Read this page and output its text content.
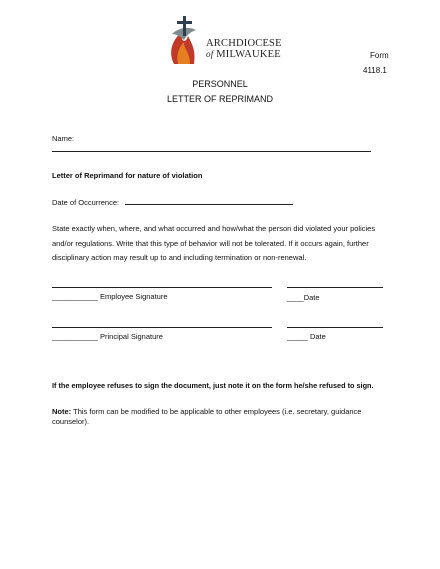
ARCHDIOCESE
of MILWAUKEE	Form
4118.1
PERSONNEL
LETTER OF REPRIMAND
Name:
Letter of Reprimand for nature of violation
Date of Occurrence:
State exactly when, where, and what occurred and how/what the person did violated your policies and/or regulations. Write that this type of behavior will not be tolerated. If it occurs again, further disciplinary action may result up to and including termination or non-renewal.
___________ Employee Signature	____Date
___________ Principal Signature	_____ Date
If the employee refuses to sign the document, just note it on the form he/she refused to sign.
Note: This form can be modified to be applicable to other employees (i.e. secretary, guidance counselor).
